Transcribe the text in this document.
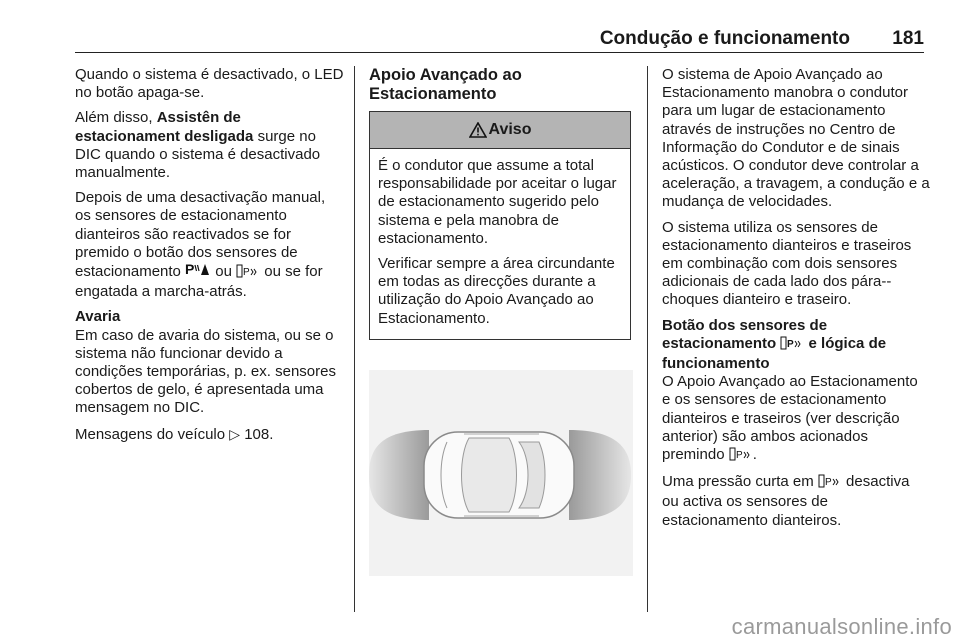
Condução e funcionamento 181

Quando o sistema é desactivado, o LED no botão apaga-se.

Além disso, Assistên de estacionament desligada surge no DIC quando o sistema é desactivado manualmente.

Depois de uma desactivação manual, os sensores de estacionamento dianteiros são reactivados se for premido o botão dos sensores de estacionamento P ou P ou se for engatada a marcha-atrás.

Avaria

Em caso de avaria do sistema, ou se o sistema não funcionar devido a condições temporárias, p. ex. sensores cobertos de gelo, é apresentada uma mensagem no DIC.

Mensagens do veículo ▷ 108.

Apoio Avançado ao Estacionamento
Aviso

É o condutor que assume a total responsabilidade por aceitar o lugar de estacionamento sugerido pelo sistema e pela manobra de estacionamento.

Verificar sempre a área circundante em todas as direcções durante a utilização do Apoio Avançado ao Estacionamento.

O sistema de Apoio Avançado ao Estacionamento manobra o condutor para um lugar de estacionamento através de instruções no Centro de Informação do Condutor e de sinais acústicos. O condutor deve controlar a aceleração, a travagem, a condução e a mudança de velocidades.

O sistema utiliza os sensores de estacionamento dianteiros e traseiros em combinação com dois sensores adicionais de cada lado dos pára--choques dianteiro e traseiro.

Botão dos sensores de estacionamento P e lógica de funcionamento

O Apoio Avançado ao Estacionamento e os sensores de estacionamento dianteiros e traseiros (ver descrição anterior) são ambos acionados premindo P .

Uma pressão curta em P desactiva ou activa os sensores de estacionamento dianteiros.

carmanualsonline.info
